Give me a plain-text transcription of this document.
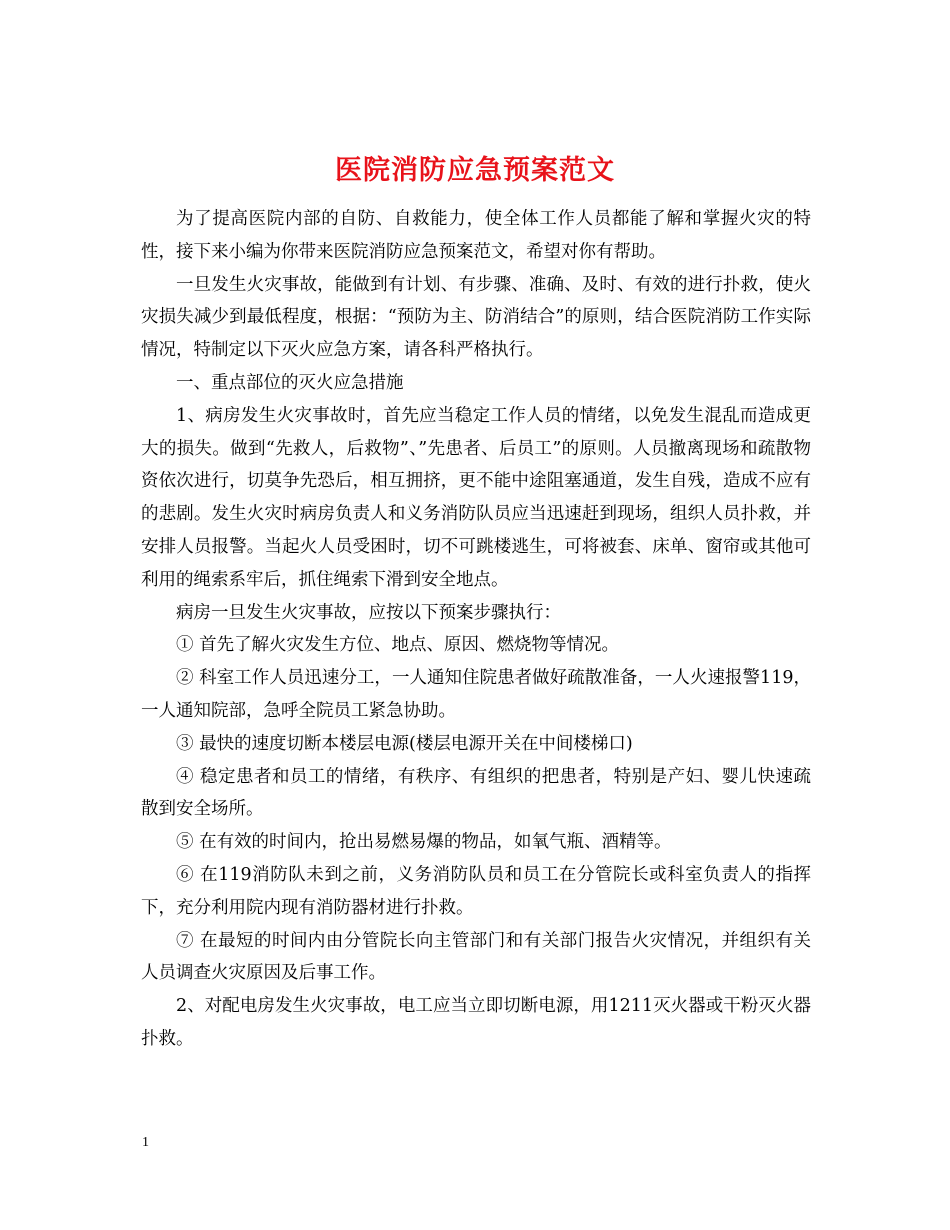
医院消防应急预案范文

为了提高医院内部的自防、自救能力，使全体工作人员都能了解和掌握火灾的特性，接下来小编为你带来医院消防应急预案范文，希望对你有帮助。

一旦发生火灾事故，能做到有计划、有步骤、准确、及时、有效的进行扑救，使火灾损失减少到最低程度，根据：“预防为主、防消结合”的原则，结合医院消防工作实际情况，特制定以下灭火应急方案，请各科严格执行。

一、重点部位的灭火应急措施

1、病房发生火灾事故时，首先应当稳定工作人员的情绪，以免发生混乱而造成更大的损失。做到“先救人，后救物”、”先患者、后员工”的原则。人员撤离现场和疏散物资依次进行，切莫争先恐后，相互拥挤，更不能中途阻塞通道，发生自残，造成不应有的悲剧。发生火灾时病房负责人和义务消防队员应当迅速赶到现场，组织人员扑救，并安排人员报警。当起火人员受困时，切不可跳楼逃生，可将被套、床单、窗帘或其他可利用的绳索系牢后，抓住绳索下滑到安全地点。

病房一旦发生火灾事故，应按以下预案步骤执行：

① 首先了解火灾发生方位、地点、原因、燃烧物等情况。

② 科室工作人员迅速分工，一人通知住院患者做好疏散准备，一人火速报警119，一人通知院部，急呼全院员工紧急协助。

③ 最快的速度切断本楼层电源(楼层电源开关在中间楼梯口)

④ 稳定患者和员工的情绪，有秩序、有组织的把患者，特别是产妇、婴儿快速疏散到安全场所。

⑤ 在有效的时间内，抢出易燃易爆的物品，如氧气瓶、酒精等。

⑥ 在119消防队未到之前，义务消防队员和员工在分管院长或科室负责人的指挥下，充分利用院内现有消防器材进行扑救。

⑦ 在最短的时间内由分管院长向主管部门和有关部门报告火灾情况，并组织有关人员调查火灾原因及后事工作。

2、对配电房发生火灾事故，电工应当立即切断电源，用1211灭火器或干粉灭火器扑救。

1
